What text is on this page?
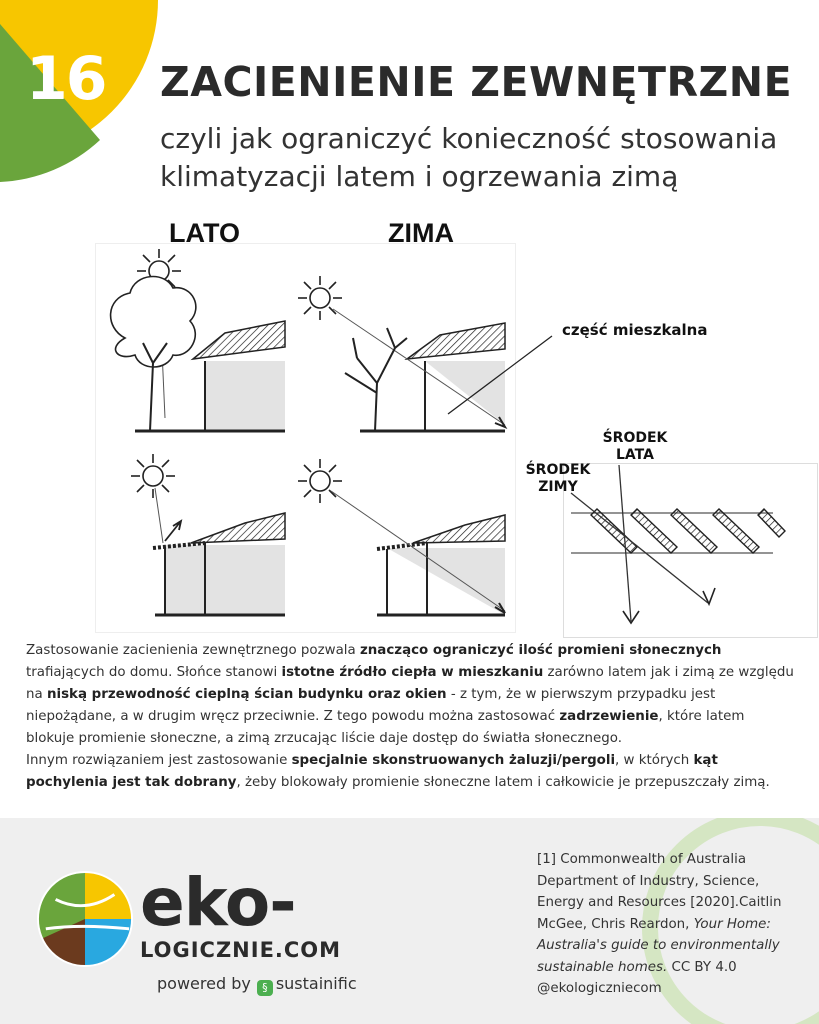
16 ZACIENIENIE ZEWNĘTRZNE
czyli jak ograniczyć konieczność stosowania
klimatyzacji latem i ogrzewania zimą
LATO	ZIMA
część mieszkalna
ŚRODEK
LATA
ŚRODEK
ZIMY
Zastosowanie zacienienia zewnętrznego pozwala znacząco ograniczyć ilość promieni słonecznych trafiających do domu. Słońce stanowi istotne źródło ciepła w mieszkaniu zarówno latem jak i zimą ze względu na niską przewodność cieplną ścian budynku oraz okien - z tym, że w pierwszym przypadku jest niepożądane, a w drugim wręcz przeciwnie. Z tego powodu można zastosować zadrzewienie, które latem blokuje promienie słoneczne, a zimą zrzucając liście daje dostęp do światła słonecznego.
Innym rozwiązaniem jest zastosowanie specjalnie skonstruowanych żaluzji/pergoli, w których kąt pochylenia jest tak dobrany, żeby blokowały promienie słoneczne latem i całkowicie je przepuszczały zimą.
eko-
LOGICZNIE.COM
powered by § sustainific
[1] Commonwealth of Australia Department of Industry, Science, Energy and Resources [2020].Caitlin McGee, Chris Reardon, Your Home: Australia's guide to environmentally sustainable homes. CC BY 4.0
@ekologiczniecom
